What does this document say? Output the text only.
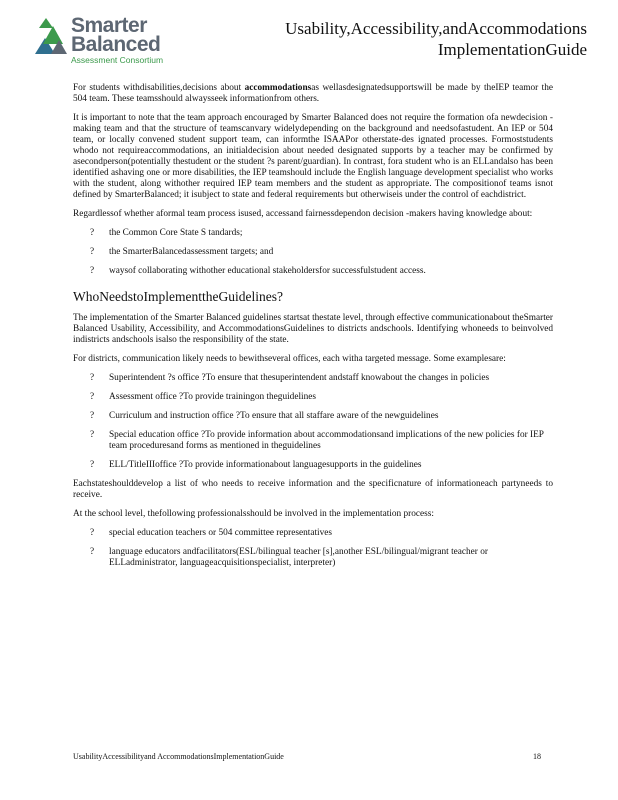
Smarter
Balanced
Assessment Consortium
Usability,Accessibility,andAccommodations
ImplementationGuide

For students withdisabilities,decisions about accommodationsas wellasdesignatedsupportswill be made by theIEP teamor the 504 team. These teamsshould alwaysseek informationfrom others.

It is important to note that the team approach encouraged by Smarter Balanced does not require the formation ofa newdecision -making team and that the structure of teamscanvary widelydepending on the background and needsofastudent. An IEP or 504 team, or locally convened student support team, can informthe ISAAPor otherstate-des ignated processes. Formoststudents whodo not requireaccommodations, an initialdecision about needed designated supports by a teacher may be confirmed by asecondperson(potentially thestudent or the student ?s parent/guardian). In contrast, fora student who is an ELLandalso has been identified ashaving one or more disabilities, the IEP teamshould include the English language development specialist who works with the student, along withother required IEP team members and the student as appropriate. The compositionof teams isnot defined by SmarterBalanced; it isubject to state and federal requirements but otherwiseis under the control of eachdistrict.

Regardlessof whether aformal team process isused, accessand fairnessdependon decision -makers having knowledge about:

? the Common Core State S tandards;
? the SmarterBalancedassessment targets; and
? waysof collaborating withother educational stakeholdersfor successfulstudent access.
WhoNeedstoImplementtheGuidelines?

The implementation of the Smarter Balanced guidelines startsat thestate level, through effective communicationabout theSmarter Balanced Usability, Accessibility, and AccommodationsGuidelines to districts andschools. Identifying whoneeds to beinvolved indistricts andschools isalso the responsibility of the state.

For districts, communication likely needs to bewithseveral offices, each witha targeted message. Some examplesare:

? Superintendent ?s office ?To ensure that thesuperintendent andstaff knowabout the changes in policies
? Assessment office ?To provide trainingon theguidelines
? Curriculum and instruction office ?To ensure that all staffare aware of the newguidelines
? Special education office ?To provide information about accommodationsand implications of the new policies for IEP team proceduresand forms as mentioned in theguidelines
? ELL/TitleIIIoffice ?To provide informationabout languagesupports in the guidelines

Eachstateshoulddevelop a list of who needs to receive information and the specificnature of informationeach partyneeds to receive.

At the school level, thefollowing professionalsshould be involved in the implementation process:

? special education teachers or 504 committee representatives
? language educators andfacilitators(ESL/bilingual teacher [s],another ESL/bilingual/migrant teacher or ELLadministrator, languageacquisitionspecialist, interpreter)
UsabilityAccessibilityand AccommodationsImplementationGuide	18
